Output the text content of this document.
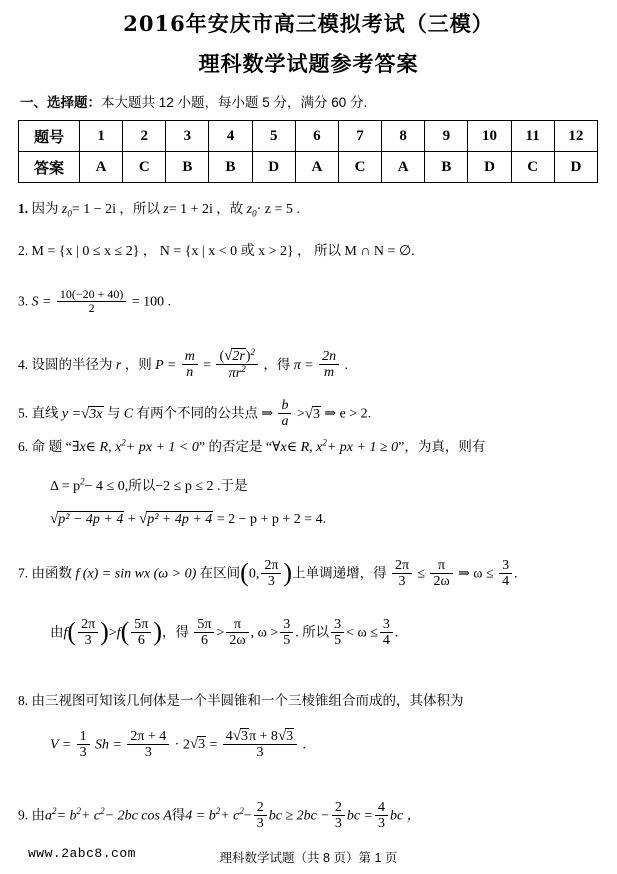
2016年安庆市高三模拟考试（三模）
理科数学试题参考答案
一、选择题：本大题共 12 小题，每小题 5 分，满分 60 分.
题号	1	2	3	4	5	6	7	8	9	10	11	12
答案	A	C	B	B	D	A	C	A	B	D	C	D
1. 因为 $z_0= 1 - 2i$ ，所以 z= 1 + 2i ，故 $z_0\cdot z = 5$ .
2. M = {x | 0 ≤ x ≤ 2} ， N = {x | x < 0 或 x > 2} ， 所以 M ∩ N = ∅.
3. $S = \frac{10(-20 + 40)}{2} = 100$ .
4. 设圆的半径为 r ，则 $P = \frac{m}{n} = \frac{(√2r)^2}{\pi r^2}$ ，得 $\pi = \frac{2n}{m}$ .
5. 直线 y =√3x 与 C 有两个不同的公共点 ⇒ $\frac{b}{a} >√3$ ⇒ e > 2.
6. 命 题 “∃x∈ R, $x^2+$ px + 1 < 0” 的否定是 “∀x∈ R, $x^2+$ px + 1 ≥ 0”，为真，则有
$\Delta = p^2- 4 \le 0$,所以−2 ≤ p ≤ 2 .于是
√p² − 4p + 4 + √p² + 4p + 4 = 2 − p + p + 2 = 4.
7. 由函数 f (x) = sin wx (ω > 0) 在区间(0, $\frac{2\pi}{3}$ )上单调递增，得 $\frac{2\pi}{3} \le \frac{\pi}{2\omega}$ ⇒ $\omega \le \frac{3}{4}$ .
由$f( \frac{2\pi}{3} )>f( \frac{5\pi}{6}$ )，得 $\frac{5\pi}{6} > \frac{\pi}{2\omega}$ , $\omega > \frac{3}{5}$ . 所以 $\frac{3}{5} < \omega \le \frac{3}{4}$ .
8. 由三视图可知该几何体是一个半圆锥和一个三棱锥组合而成的，其体积为
$V = \frac{1}{3}$ $Sh = \frac{2\pi + 4}{3} \cdot 2√3 = \frac{4√3\pi + 8√3}{3}$ .
9. 由$a^2= b^2+ c^2- 2bc$ cos A得$4 = b^2+ c^2- \frac{2}{3}$ bc ≥ $2bc - \frac{2}{3}$ bc = $\frac{4}{3}$ bc ，
www.2abc8.com	理科数学试题（共 8 页）第 1 页
